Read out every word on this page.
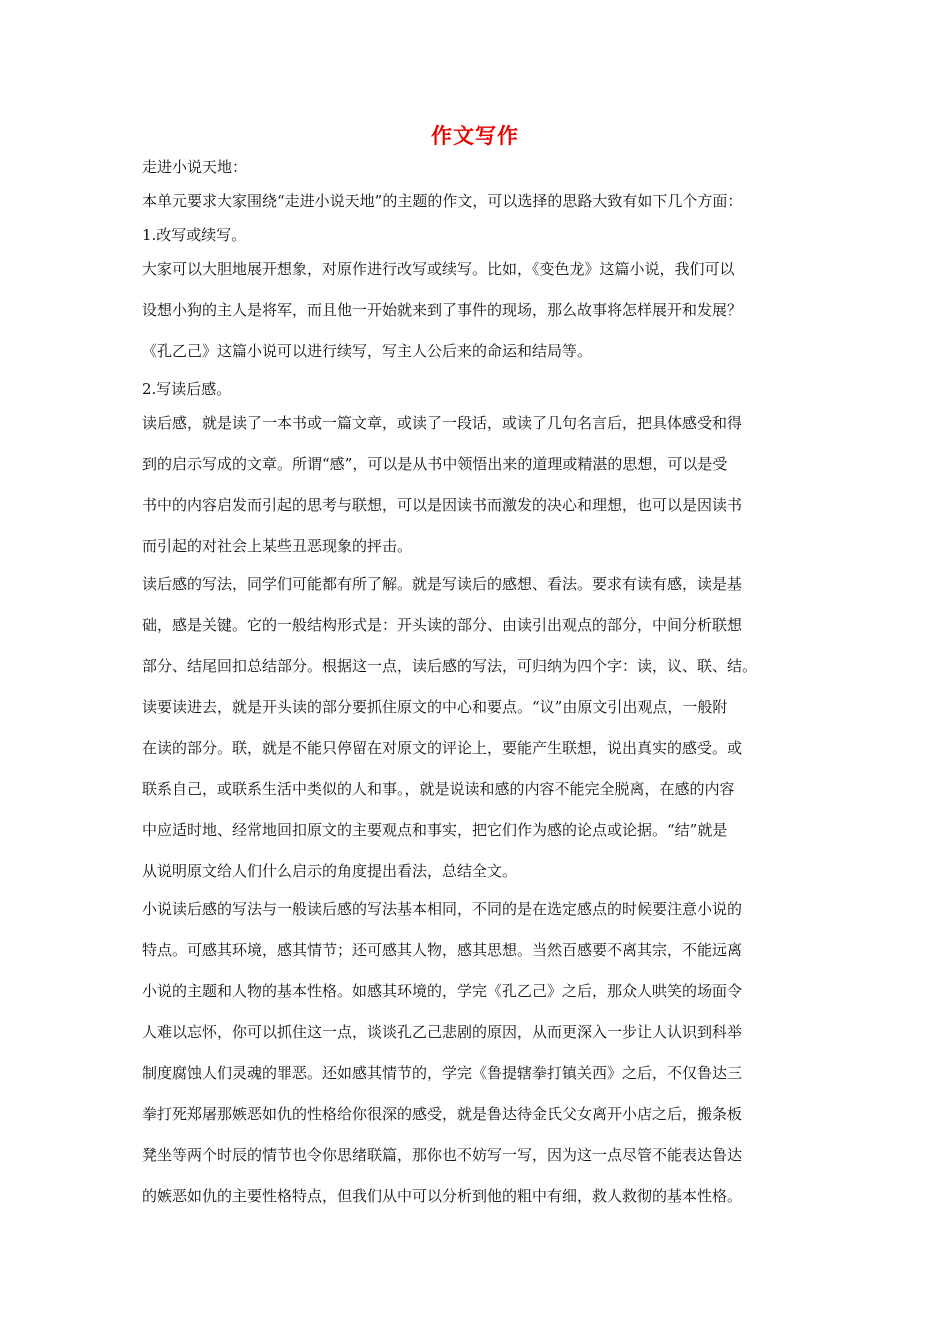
作文写作
走进小说天地：
本单元要求大家围绕“走进小说天地”的主题的作文，可以选择的思路大致有如下几个方面：
1.改写或续写。
大家可以大胆地展开想象，对原作进行改写或续写。比如，《变色龙》这篇小说，我们可以
设想小狗的主人是将军，而且他一开始就来到了事件的现场，那么故事将怎样展开和发展？
《孔乙己》这篇小说可以进行续写，写主人公后来的命运和结局等。
2.写读后感。
读后感，就是读了一本书或一篇文章，或读了一段话，或读了几句名言后，把具体感受和得
到的启示写成的文章。所谓“感”，可以是从书中领悟出来的道理或精湛的思想，可以是受
书中的内容启发而引起的思考与联想，可以是因读书而激发的决心和理想，也可以是因读书
而引起的对社会上某些丑恶现象的抨击。
读后感的写法，同学们可能都有所了解。就是写读后的感想、看法。要求有读有感，读是基
础，感是关键。它的一般结构形式是：开头读的部分、由读引出观点的部分，中间分析联想
部分、结尾回扣总结部分。根据这一点，读后感的写法，可归纳为四个字：读，议、联、结。
读要读进去，就是开头读的部分要抓住原文的中心和要点。“议”由原文引出观点，一般附
在读的部分。联，就是不能只停留在对原文的评论上，要能产生联想，说出真实的感受。或
联系自己，或联系生活中类似的人和事。，就是说读和感的内容不能完全脱离，在感的内容
中应适时地、经常地回扣原文的主要观点和事实，把它们作为感的论点或论据。“结”就是
从说明原文给人们什么启示的角度提出看法，总结全文。
小说读后感的写法与一般读后感的写法基本相同，不同的是在选定感点的时候要注意小说的
特点。可感其环境，感其情节；还可感其人物，感其思想。当然百感要不离其宗，不能远离
小说的主题和人物的基本性格。如感其环境的，学完《孔乙己》之后，那众人哄笑的场面令
人难以忘怀，你可以抓住这一点，谈谈孔乙己悲剧的原因，从而更深入一步让人认识到科举
制度腐蚀人们灵魂的罪恶。还如感其情节的，学完《鲁提辖拳打镇关西》之后，不仅鲁达三
拳打死郑屠那嫉恶如仇的性格给你很深的感受，就是鲁达待金氏父女离开小店之后，搬条板
凳坐等两个时辰的情节也令你思绪联篇，那你也不妨写一写，因为这一点尽管不能表达鲁达
的嫉恶如仇的主要性格特点，但我们从中可以分析到他的粗中有细，救人救彻的基本性格。
